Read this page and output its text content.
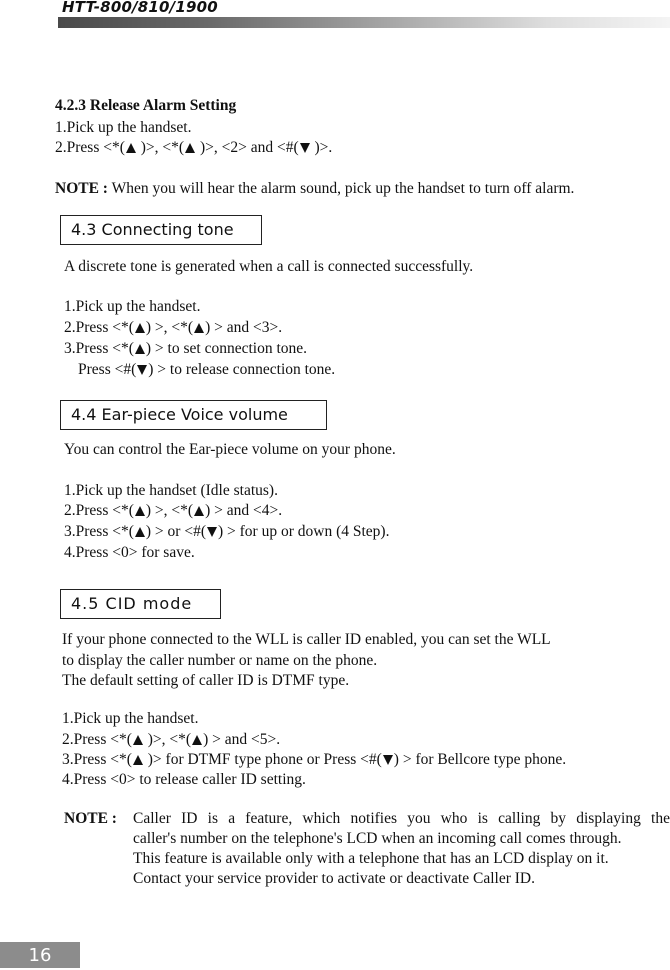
HTT-800/810/1900
4.2.3 Release Alarm Setting
1.Pick up the handset.
2.Press <*( )>, <*( )>, <2> and <#( )>.
NOTE : When you will hear the alarm sound, pick up the handset to turn off alarm.
4.3 Connecting tone
A discrete tone is generated when a call is connected successfully.
1.Pick up the handset.
2.Press <*( ) >, <*( ) > and <3>.
3.Press <*( ) > to set connection tone.
Press <#( ) > to release connection tone.
4.4 Ear-piece Voice volume
You can control the Ear-piece volume on your phone.
1.Pick up the handset (Idle status).
2.Press <*( ) >, <*( ) > and <4>.
3.Press <*( ) > or <#( ) > for up or down (4 Step).
4.Press <0> for save.
4.5 CID mode
If your phone connected to the WLL is caller ID enabled, you can set the WLL
to display the caller number or name on the phone.
The default setting of caller ID is DTMF type.
1.Pick up the handset.
2.Press <*( )>, <*( ) > and <5>.
3.Press <*( )> for DTMF type phone or Press <#( ) > for Bellcore type phone.
4.Press <0> to release caller ID setting.
NOTE : Caller ID is a feature, which notifies you who is calling by displaying the
caller's number on the telephone's LCD when an incoming call comes through.
This feature is available only with a telephone that has an LCD display on it.
Contact your service provider to activate or deactivate Caller ID.
16
